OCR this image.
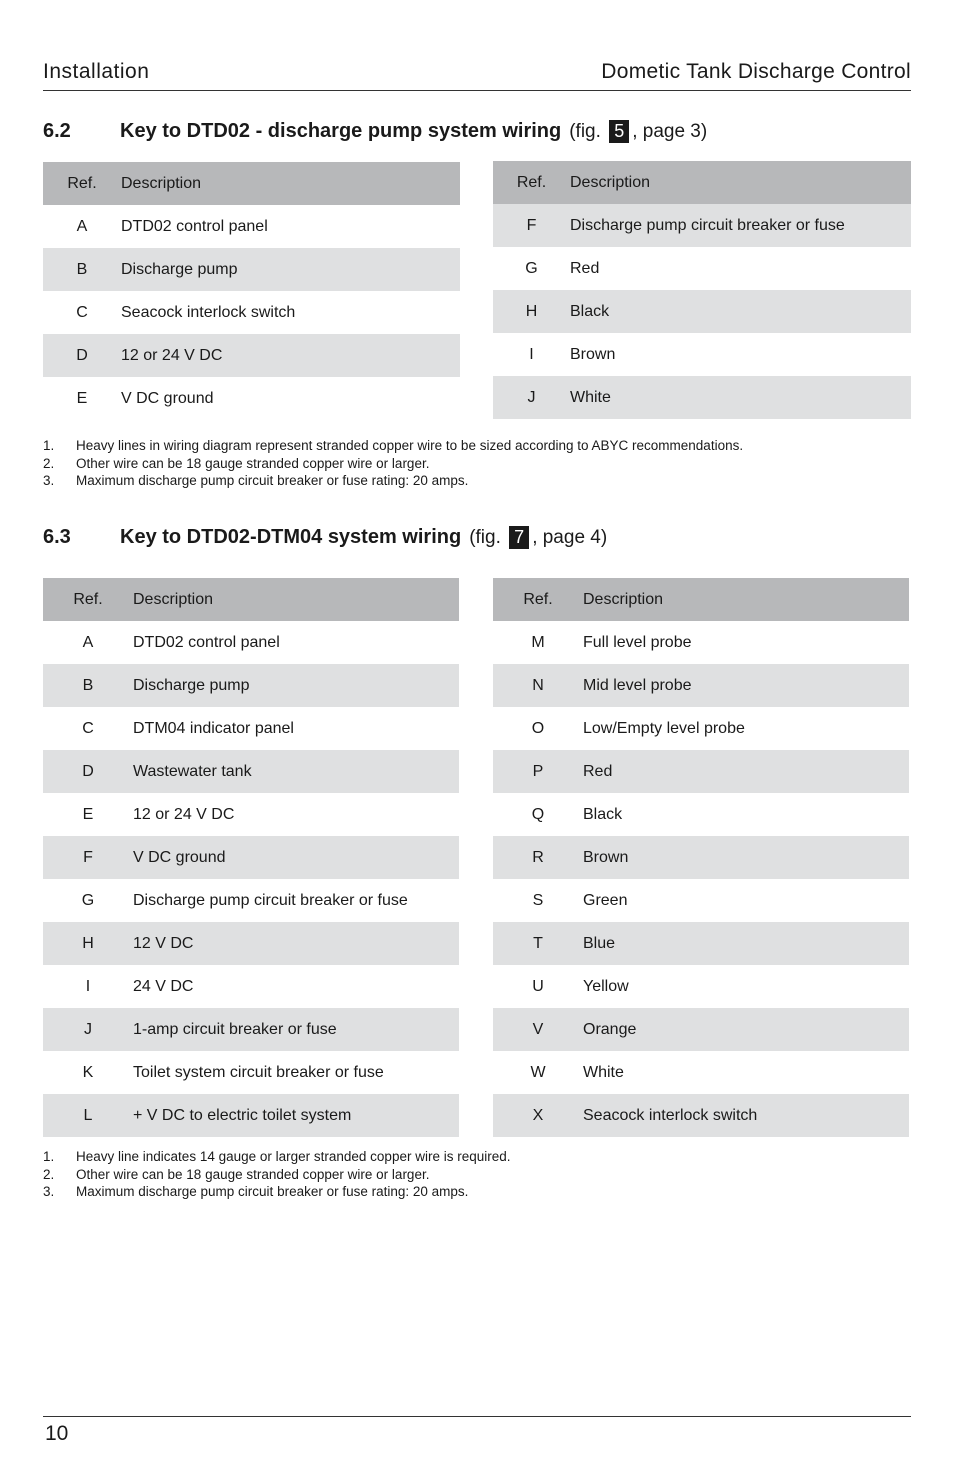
Installation	Dometic Tank Discharge Control
6.2 Key to DTD02 - discharge pump system wiring (fig. 5 , page 3)
Ref.	Description
A	DTD02 control panel
B	Discharge pump
C	Seacock interlock switch
D	12 or 24 V DC
E	V DC ground
Ref.	Description
F	Discharge pump circuit breaker or fuse
G	Red
H	Black
I	Brown
J	White
1.	Heavy lines in wiring diagram represent stranded copper wire to be sized according to ABYC recommendations.
2.	Other wire can be 18 gauge stranded copper wire or larger.
3.	Maximum discharge pump circuit breaker or fuse rating: 20 amps.
6.3 Key to DTD02-DTM04 system wiring (fig. 7 , page 4)
Ref.	Description
A	DTD02 control panel
B	Discharge pump
C	DTM04 indicator panel
D	Wastewater tank
E	12 or 24 V DC
F	V DC ground
G	Discharge pump circuit breaker or fuse
H	12 V DC
I	24 V DC
J	1-amp circuit breaker or fuse
K	Toilet system circuit breaker or fuse
L	+ V DC to electric toilet system
Ref.	Description
M	Full level probe
N	Mid level probe
O	Low/Empty level probe
P	Red
Q	Black
R	Brown
S	Green
T	Blue
U	Yellow
V	Orange
W	White
X	Seacock interlock switch
1.	Heavy line indicates 14 gauge or larger stranded copper wire is required.
2.	Other wire can be 18 gauge stranded copper wire or larger.
3.	Maximum discharge pump circuit breaker or fuse rating: 20 amps.
10
